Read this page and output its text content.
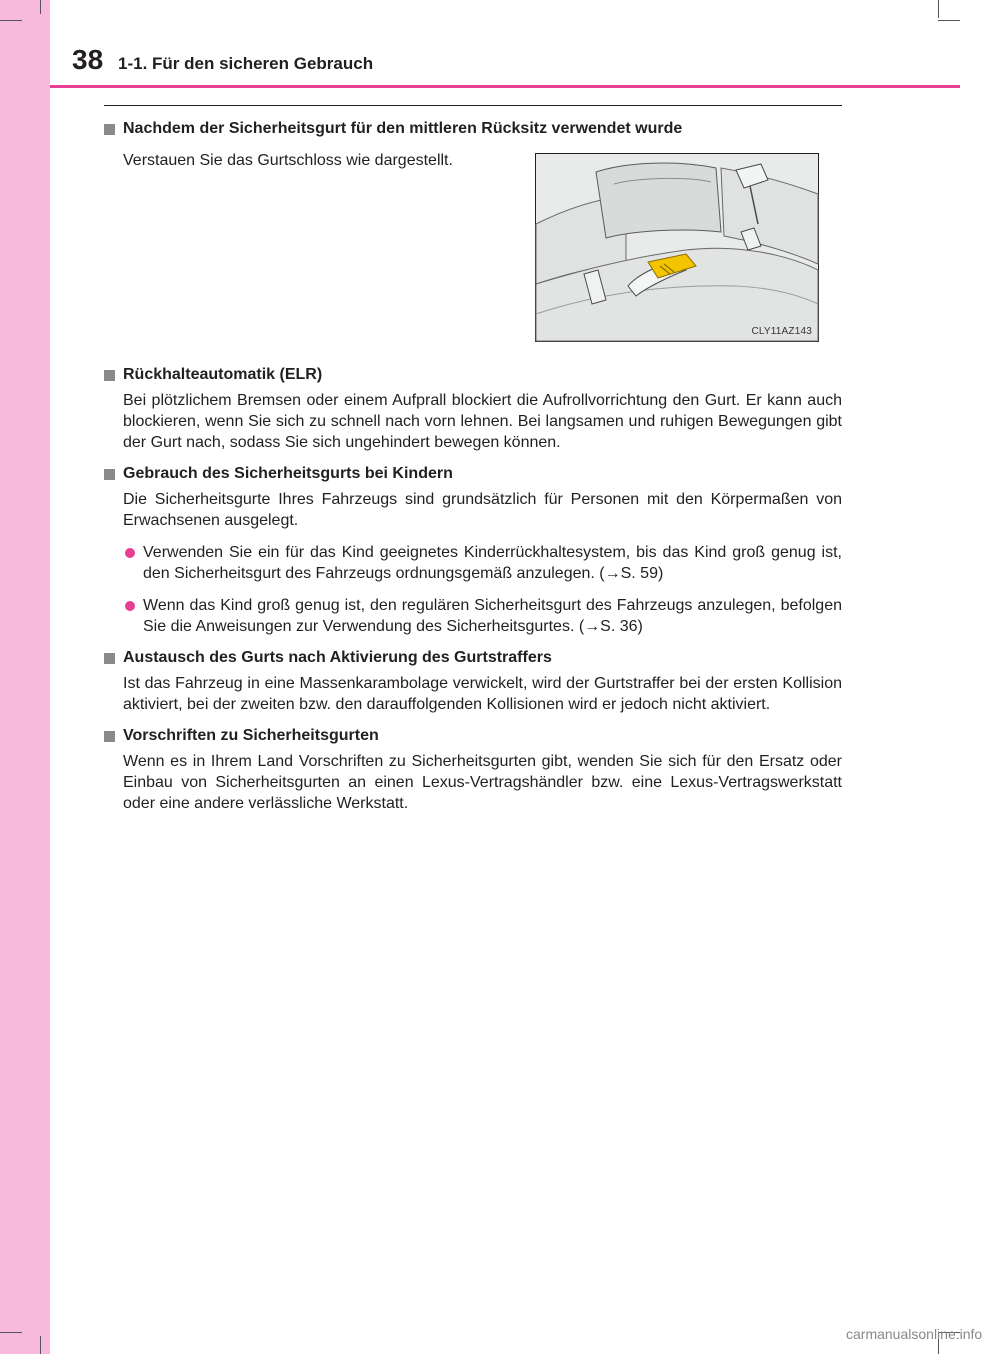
38 1-1. Für den sicheren Gebrauch
Nachdem der Sicherheitsgurt für den mittleren Rücksitz verwendet wurde
Verstauen Sie das Gurtschloss wie dargestellt.
Rückhalteautomatik (ELR)
Bei plötzlichem Bremsen oder einem Aufprall blockiert die Aufrollvorrichtung den Gurt. Er kann auch blockieren, wenn Sie sich zu schnell nach vorn lehnen. Bei langsamen und ruhigen Bewegungen gibt der Gurt nach, sodass Sie sich ungehindert bewegen können.
Gebrauch des Sicherheitsgurts bei Kindern
Die Sicherheitsgurte Ihres Fahrzeugs sind grundsätzlich für Personen mit den Körpermaßen von Erwachsenen ausgelegt.
Verwenden Sie ein für das Kind geeignetes Kinderrückhaltesystem, bis das Kind groß genug ist, den Sicherheitsgurt des Fahrzeugs ordnungsgemäß anzulegen. (→S. 59)
Wenn das Kind groß genug ist, den regulären Sicherheitsgurt des Fahrzeugs anzulegen, befolgen Sie die Anweisungen zur Verwendung des Sicherheitsgurtes. (→S. 36)
Austausch des Gurts nach Aktivierung des Gurtstraffers
Ist das Fahrzeug in eine Massenkarambolage verwickelt, wird der Gurtstraffer bei der ersten Kollision aktiviert, bei der zweiten bzw. den darauffolgenden Kollisionen wird er jedoch nicht aktiviert.
Vorschriften zu Sicherheitsgurten
Wenn es in Ihrem Land Vorschriften zu Sicherheitsgurten gibt, wenden Sie sich für den Ersatz oder Einbau von Sicherheitsgurten an einen Lexus-Vertragshändler bzw. eine Lexus-Vertragswerkstatt oder eine andere verlässliche Werkstatt.
CLY11AZ143
carmanualsonline.info
